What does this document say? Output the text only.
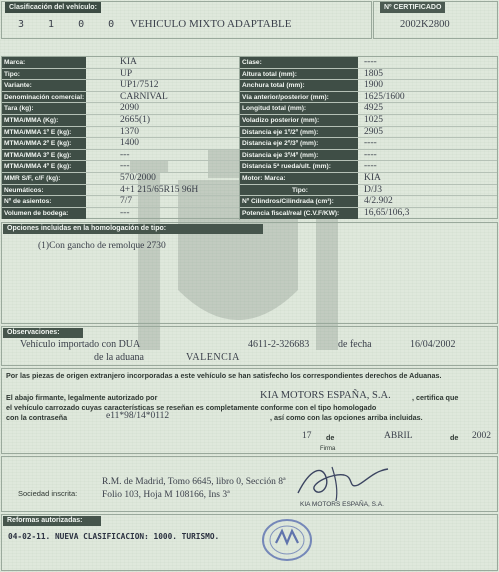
Clasificación del vehículo:
3 1 0 0 VEHICULO MIXTO ADAPTABLE
Nº CERTIFICADO
2002K2800
Marca:	KIA
Tipo:	UP
Variante:	UP1/7512
Denominación comercial:	CARNIVAL
Tara (kg):	2090
MTMA/MMA (Kg):	2665(1)
MTMA/MMA 1º E (kg):	1370
MTMA/MMA 2º E (kg):	1400
MTMA/MMA 3º E (kg):	---
MTMA/MMA 4º E (kg):	---
MMR S/F, c/F (kg):	570/2000
Neumáticos:	4+1 215/65R15 96H
Nº de asientos:	7/7
Volumen de bodega:	---
Clase:	----
Altura total (mm):	1805
Anchura total (mm):	1900
Vía anterior/posterior (mm):	1625/1600
Longitud total (mm):	4925
Voladizo posterior (mm):	1025
Distancia eje 1º/2º (mm):	2905
Distancia eje 2º/3º (mm):	----
Distancia eje 3º/4º (mm):	----
Distancia 5ª rueda/ult. (mm):	----
Motor: Marca:	KIA
Tipo:	D/J3
Nº Cilindros/Cilindrada (cm³):	4/2.902
Potencia fiscal/real (C.V.F/KW):	16,65/106,3
Opciones incluidas en la homologación de tipo:
(1)Con gancho de remolque 2730
Observaciones:
Vehículo importado con DUA	4611-2-326683	de fecha	16/04/2002
de la aduana	VALENCIA
Por las piezas de origen extranjero incorporadas a este vehículo se han satisfecho los correspondientes derechos de Aduanas.
El abajo firmante, legalmente autorizado por	KIA MOTORS ESPAÑA, S.A.	, certifica que
el vehículo carrozado cuyas características se reseñan es completamente conforme con el tipo homologado
con la contraseña	e11*98/14*0112	, así como con las opciones arriba incluidas.
17 de	ABRIL	de 2002
Firma
Sociedad inscrita:
R.M. de Madrid, Tomo 6645, libro 0, Sección 8ª
Folio 103, Hoja M 108166, Ins 3ª
KIA MOTORS ESPAÑA, S.A.
Reformas autorizadas:
04-02-11. NUEVA CLASIFICACION: 1000. TURISMO.
